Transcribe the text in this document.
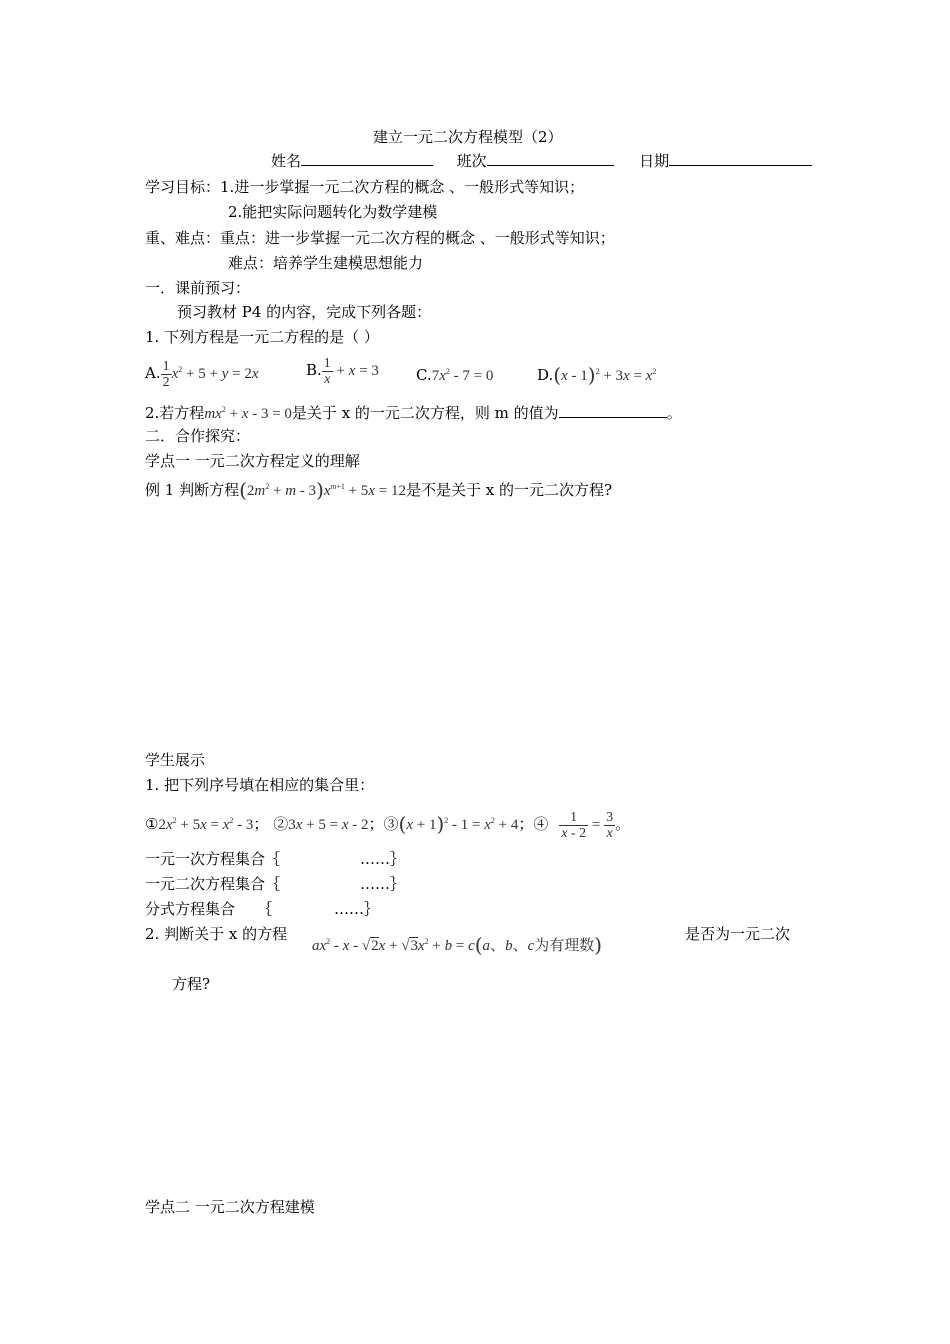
建立一元二次方程模型（2）
姓名	班次	日期
学习目标：1.进一步掌握一元二次方程的概念 、一般形式等知识；
2.能把实际问题转化为数学建模
重、难点：重点：进一步掌握一元二次方程的概念 、一般形式等知识；
难点：培养学生建模思想能力
一．课前预习：
预习教材 P4 的内容，完成下列各题：
1. 下列方程是一元二方程的是（ ）
A. $\frac{1}{2} x^2 + 5 + y = 2x$	B. $\frac{1}{x} + x = 3$ $C.7x^2 - 7 = 0$	$D.(x - 1)^2 + 3x = x^2$
2.若方程$mx^2 + x - 3 = 0$是关于 x 的一元二次方程，则 m 的值为	。
二．合作探究：
学点一 一元二次方程定义的理解
例 1 判断方程$(2m^2 + m - 3)x^{m+1} + 5x = 12$是不是关于 x 的一元二次方程?
学生展示
1. 把下列序号填在相应的集合里：
$①2x^2 + 5x = x^2 - 3$； ②3x + 5 = x - 2；③(x + $1)^2 - 1 = x^2 + 4$；④ $\frac{1}{x - 2} = \frac{3}{x}$ 。
一元一次方程集合｛	……｝
一元二次方程集合｛	……｝
分式方程集合 ｛	……｝
2. 判断关于 x 的方程
$ax^2 - x - √2x + √3x^2 + b = c(a$、b、c为有理数)	是否为一元二次
方程?
学点二 一元二次方程建模
